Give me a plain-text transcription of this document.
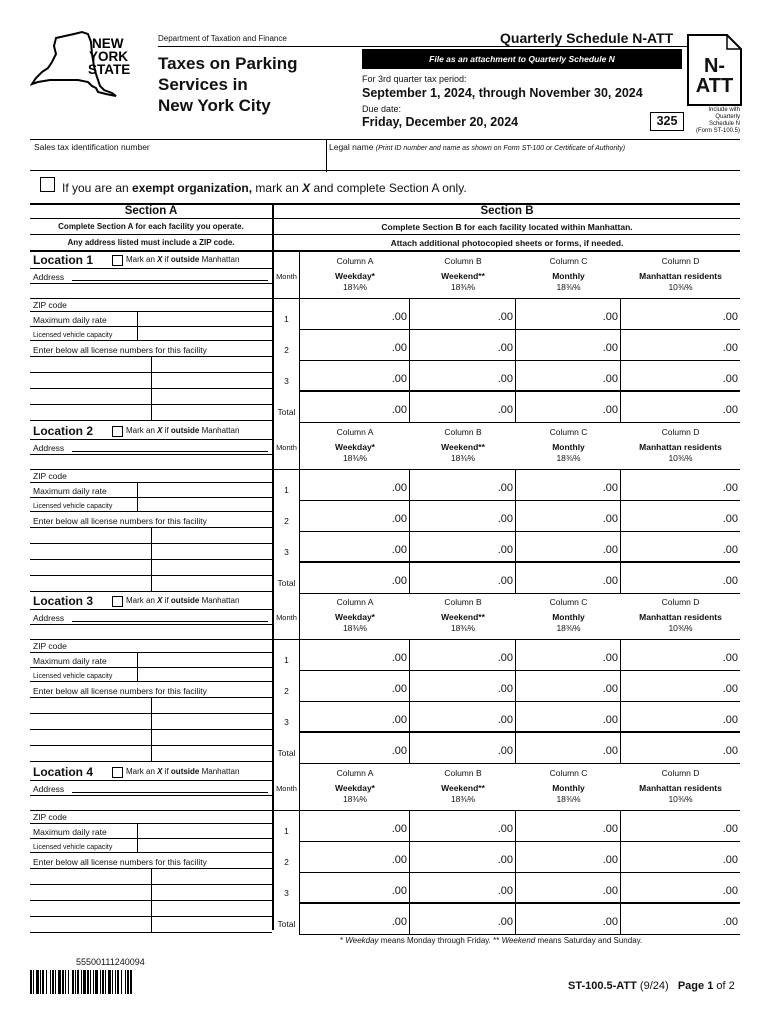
NEW
YORK
STATE
Department of Taxation and Finance
Taxes on Parking
Services in
New York City
Quarterly Schedule N-ATT
File as an attachment to Quarterly Schedule N
For 3rd quarter tax period:
September 1, 2024, through November 30, 2024
Due date:
Friday, December 20, 2024	325
N-
ATT
Include with
Quarterly
Schedule N
(Form ST-100.5)
Sales tax identification number	Legal name (Print ID number and name as shown on Form ST-100 or Certificate of Authority)
If you are an exempt organization, mark an X and complete Section A only.
Section A	Section B
Complete Section A for each facility you operate.
Any address listed must include a ZIP code.
Complete Section B for each facility located within Manhattan.
Attach additional photocopied sheets or forms, if needed.
Location 1	Mark an X if outside Manhattan
Address
ZIP code
Maximum daily rate
Licensed vehicle capacity
Enter below all license numbers for this facility
Month
Column A
Weekday*
18⅜%
Column B
Weekend**
18⅜%
Column C
Monthly
18⅜%
Column D
Manhattan residents
10⅜%
1	.00	.00	.00	.00
2	.00	.00	.00	.00
3	.00	.00	.00	.00
Total	.00	.00	.00	.00
Location 2	Mark an X if outside Manhattan
Address
ZIP code
Maximum daily rate
Licensed vehicle capacity
Enter below all license numbers for this facility
Month
Column A
Weekday*
18⅜%
Column B
Weekend**
18⅜%
Column C
Monthly
18⅜%
Column D
Manhattan residents
10⅜%
1	.00	.00	.00	.00
2	.00	.00	.00	.00
3	.00	.00	.00	.00
Total	.00	.00	.00	.00
Location 3	Mark an X if outside Manhattan
Address
ZIP code
Maximum daily rate
Licensed vehicle capacity
Enter below all license numbers for this facility
Month
Column A
Weekday*
18⅜%
Column B
Weekend**
18⅜%
Column C
Monthly
18⅜%
Column D
Manhattan residents
10⅜%
1	.00	.00	.00	.00
2	.00	.00	.00	.00
3	.00	.00	.00	.00
Total	.00	.00	.00	.00
Location 4	Mark an X if outside Manhattan
Address
ZIP code
Maximum daily rate
Licensed vehicle capacity
Enter below all license numbers for this facility
Month
Column A
Weekday*
18⅜%
Column B
Weekend**
18⅜%
Column C
Monthly
18⅜%
Column D
Manhattan residents
10⅜%
1	.00	.00	.00	.00
2	.00	.00	.00	.00
3	.00	.00	.00	.00
Total	.00	.00	.00	.00
* Weekday means Monday through Friday. ** Weekend means Saturday and Sunday.
55500111240094
ST-100.5-ATT (9/24) Page 1 of 2
